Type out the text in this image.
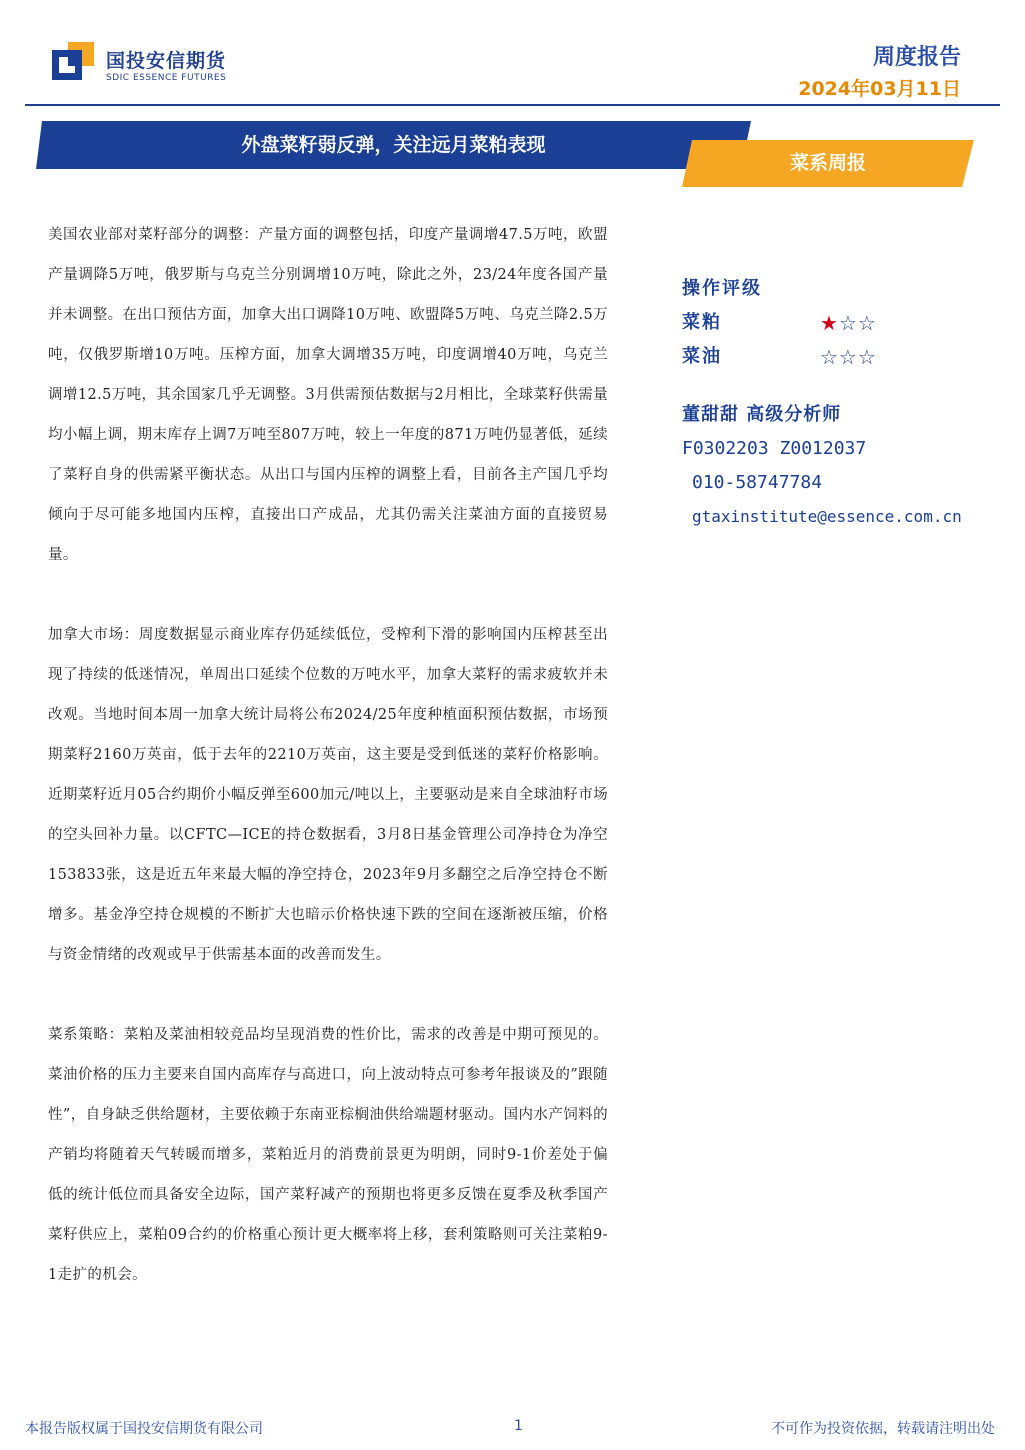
国投安信期货
SDIC ESSENCE FUTURES
周度报告
2024年03月11日
外盘菜籽弱反弹，关注远月菜粕表现
菜系周报

美国农业部对菜籽部分的调整：产量方面的调整包括，印度产量调增47.5万吨，欧盟产量调降5万吨，俄罗斯与乌克兰分别调增10万吨，除此之外，23/24年度各国产量并未调整。在出口预估方面，加拿大出口调降10万吨、欧盟降5万吨、乌克兰降2.5万吨，仅俄罗斯增10万吨。压榨方面，加拿大调增35万吨，印度调增40万吨，乌克兰调增12.5万吨，其余国家几乎无调整。3月供需预估数据与2月相比，全球菜籽供需量均小幅上调，期末库存上调7万吨至807万吨，较上一年度的871万吨仍显著低，延续了菜籽自身的供需紧平衡状态。从出口与国内压榨的调整上看，目前各主产国几乎均倾向于尽可能多地国内压榨，直接出口产成品，尤其仍需关注菜油方面的直接贸易量。

加拿大市场：周度数据显示商业库存仍延续低位，受榨利下滑的影响国内压榨甚至出现了持续的低迷情况，单周出口延续个位数的万吨水平，加拿大菜籽的需求疲软并未改观。当地时间本周一加拿大统计局将公布2024/25年度种植面积预估数据，市场预期菜籽2160万英亩，低于去年的2210万英亩，这主要是受到低迷的菜籽价格影响。近期菜籽近月05合约期价小幅反弹至600加元/吨以上，主要驱动是来自全球油籽市场的空头回补力量。以CFTC—ICE的持仓数据看，3月8日基金管理公司净持仓为净空153833张，这是近五年来最大幅的净空持仓，2023年9月多翻空之后净空持仓不断增多。基金净空持仓规模的不断扩大也暗示价格快速下跌的空间在逐渐被压缩，价格与资金情绪的改观或早于供需基本面的改善而发生。

菜系策略：菜粕及菜油相较竞品均呈现消费的性价比，需求的改善是中期可预见的。菜油价格的压力主要来自国内高库存与高进口，向上波动特点可参考年报谈及的”跟随性”，自身缺乏供给题材，主要依赖于东南亚棕榈油供给端题材驱动。国内水产饲料的产销均将随着天气转暖而增多，菜粕近月的消费前景更为明朗，同时9-1价差处于偏低的统计低位而具备安全边际，国产菜籽减产的预期也将更多反馈在夏季及秋季国产菜籽供应上，菜粕09合约的价格重心预计更大概率将上移，套利策略则可关注菜粕9-1走扩的机会。

操作评级
菜粕	★☆☆
菜油	☆☆☆
董甜甜 高级分析师
F0302203 Z0012037
010-58747784
gtaxinstitute@essence.com.cn
本报告版权属于国投安信期货有限公司	1	不可作为投资依据，转载请注明出处
